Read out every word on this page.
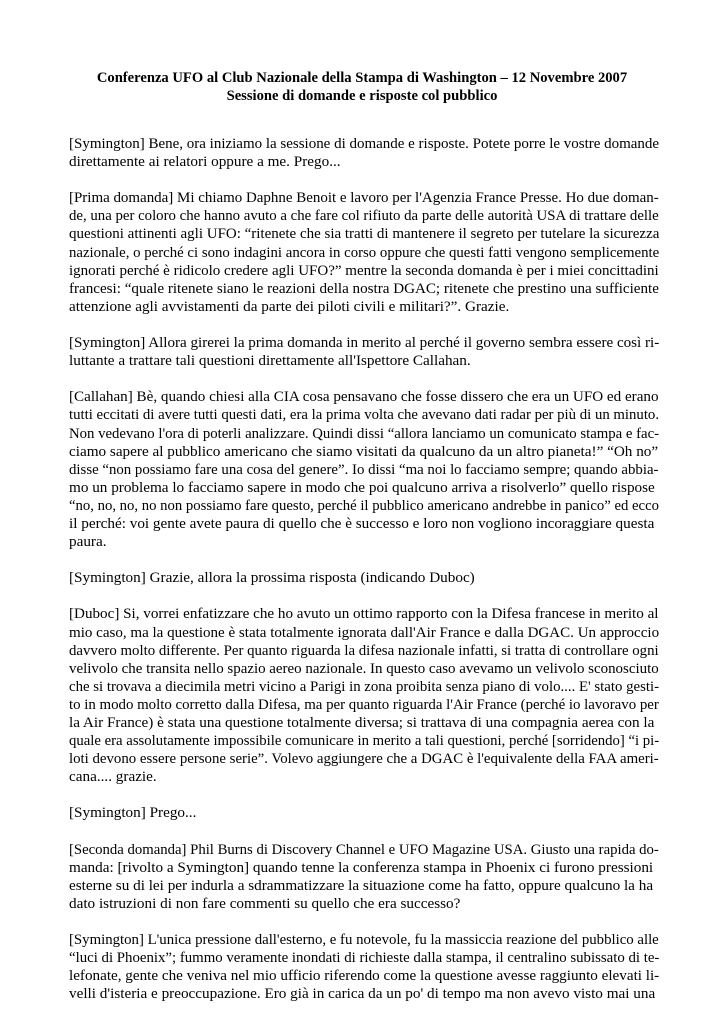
Conferenza UFO al Club Nazionale della Stampa di Washington – 12 Novembre 2007
Sessione di domande e risposte col pubblico
[Symington] Bene, ora iniziamo la sessione di domande e risposte. Potete porre le vostre domande
direttamente ai relatori oppure a me. Prego...
[Prima domanda] Mi chiamo Daphne Benoit e lavoro per l'Agenzia France Presse. Ho due doman-
de, una per coloro che hanno avuto a che fare col rifiuto da parte delle autorità USA di trattare delle
questioni attinenti agli UFO: “ritenete che sia tratti di mantenere il segreto per tutelare la sicurezza
nazionale, o perché ci sono indagini ancora in corso oppure che questi fatti vengono semplicemente
ignorati perché è ridicolo credere agli UFO?” mentre la seconda domanda è per i miei concittadini
francesi: “quale ritenete siano le reazioni della nostra DGAC; ritenete che prestino una sufficiente
attenzione agli avvistamenti da parte dei piloti civili e militari?”. Grazie.
[Symington] Allora girerei la prima domanda in merito al perché il governo sembra essere così ri-
luttante a trattare tali questioni direttamente all'Ispettore Callahan.
[Callahan] Bè, quando chiesi alla CIA cosa pensavano che fosse dissero che era un UFO ed erano
tutti eccitati di avere tutti questi dati, era la prima volta che avevano dati radar per più di un minuto.
Non vedevano l'ora di poterli analizzare. Quindi dissi “allora lanciamo un comunicato stampa e fac-
ciamo sapere al pubblico americano che siamo visitati da qualcuno da un altro pianeta!” “Oh no”
disse “non possiamo fare una cosa del genere”. Io dissi “ma noi lo facciamo sempre; quando abbia-
mo un problema lo facciamo sapere in modo che poi qualcuno arriva a risolverlo” quello rispose
“no, no, no, no non possiamo fare questo, perché il pubblico americano andrebbe in panico” ed ecco
il perché: voi gente avete paura di quello che è successo e loro non vogliono incoraggiare questa
paura.
[Symington] Grazie, allora la prossima risposta (indicando Duboc)
[Duboc] Si, vorrei enfatizzare che ho avuto un ottimo rapporto con la Difesa francese in merito al
mio caso, ma la questione è stata totalmente ignorata dall'Air France e dalla DGAC. Un approccio
davvero molto differente. Per quanto riguarda la difesa nazionale infatti, si tratta di controllare ogni
velivolo che transita nello spazio aereo nazionale. In questo caso avevamo un velivolo sconosciuto
che si trovava a diecimila metri vicino a Parigi in zona proibita senza piano di volo.... E' stato gesti-
to in modo molto corretto dalla Difesa, ma per quanto riguarda l'Air France (perché io lavoravo per
la Air France) è stata una questione totalmente diversa; si trattava di una compagnia aerea con la
quale era assolutamente impossibile comunicare in merito a tali questioni, perché [sorridendo] “i pi-
loti devono essere persone serie”. Volevo aggiungere che a DGAC è l'equivalente della FAA ameri-
cana.... grazie.
[Symington] Prego...
[Seconda domanda] Phil Burns di Discovery Channel e UFO Magazine USA. Giusto una rapida do-
manda: [rivolto a Symington] quando tenne la conferenza stampa in Phoenix ci furono pressioni
esterne su di lei per indurla a sdrammatizzare la situazione come ha fatto, oppure qualcuno la ha
dato istruzioni di non fare commenti su quello che era successo?
[Symington] L'unica pressione dall'esterno, e fu notevole, fu la massiccia reazione del pubblico alle
“luci di Phoenix”; fummo veramente inondati di richieste dalla stampa, il centralino subissato di te-
lefonate, gente che veniva nel mio ufficio riferendo come la questione avesse raggiunto elevati li-
velli d'isteria e preoccupazione. Ero già in carica da un po' di tempo ma non avevo visto mai una
